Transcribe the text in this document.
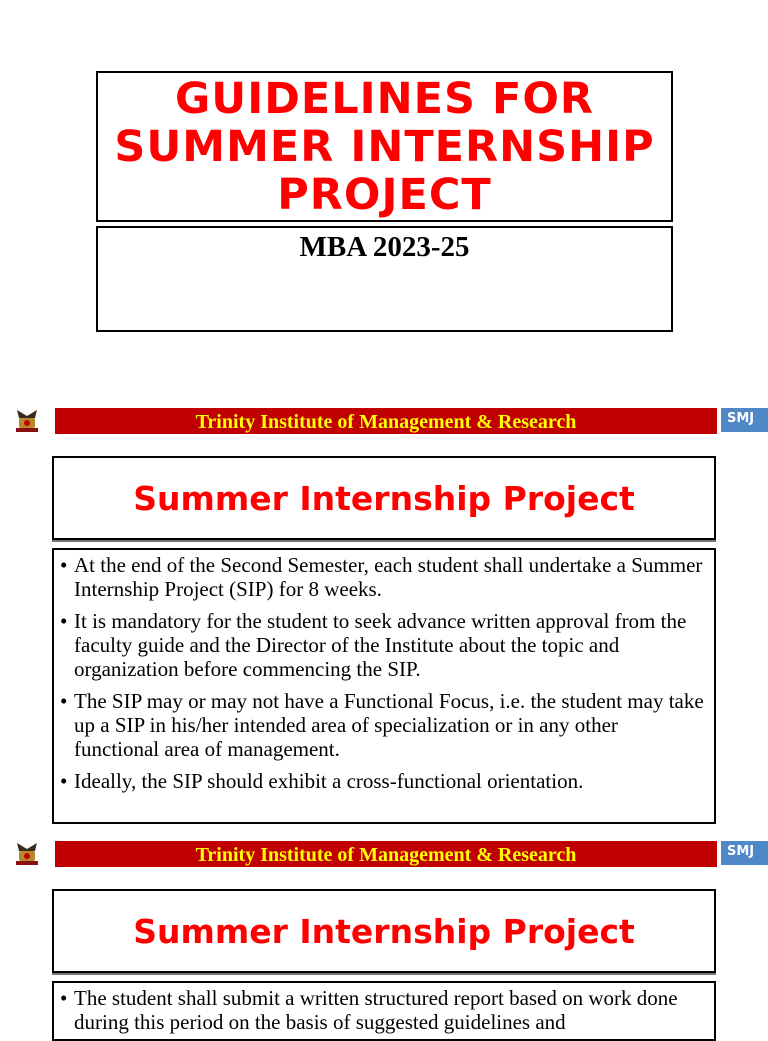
GUIDELINES FOR
SUMMER INTERNSHIP
PROJECT
MBA 2023-25
Trinity Institute of Management & Research	SMJ
Summer Internship Project
• At the end of the Second Semester, each student shall undertake a Summer Internship Project (SIP) for 8 weeks.
• It is mandatory for the student to seek advance written approval from the faculty guide and the Director of the Institute about the topic and organization before commencing the SIP.
• The SIP may or may not have a Functional Focus, i.e. the student may take up a SIP in his/her intended area of specialization or in any other functional area of management.
• Ideally, the SIP should exhibit a cross-functional orientation.
Trinity Institute of Management & Research	SMJ
Summer Internship Project
• The student shall submit a written structured report based on work done during this period on the basis of suggested guidelines and
